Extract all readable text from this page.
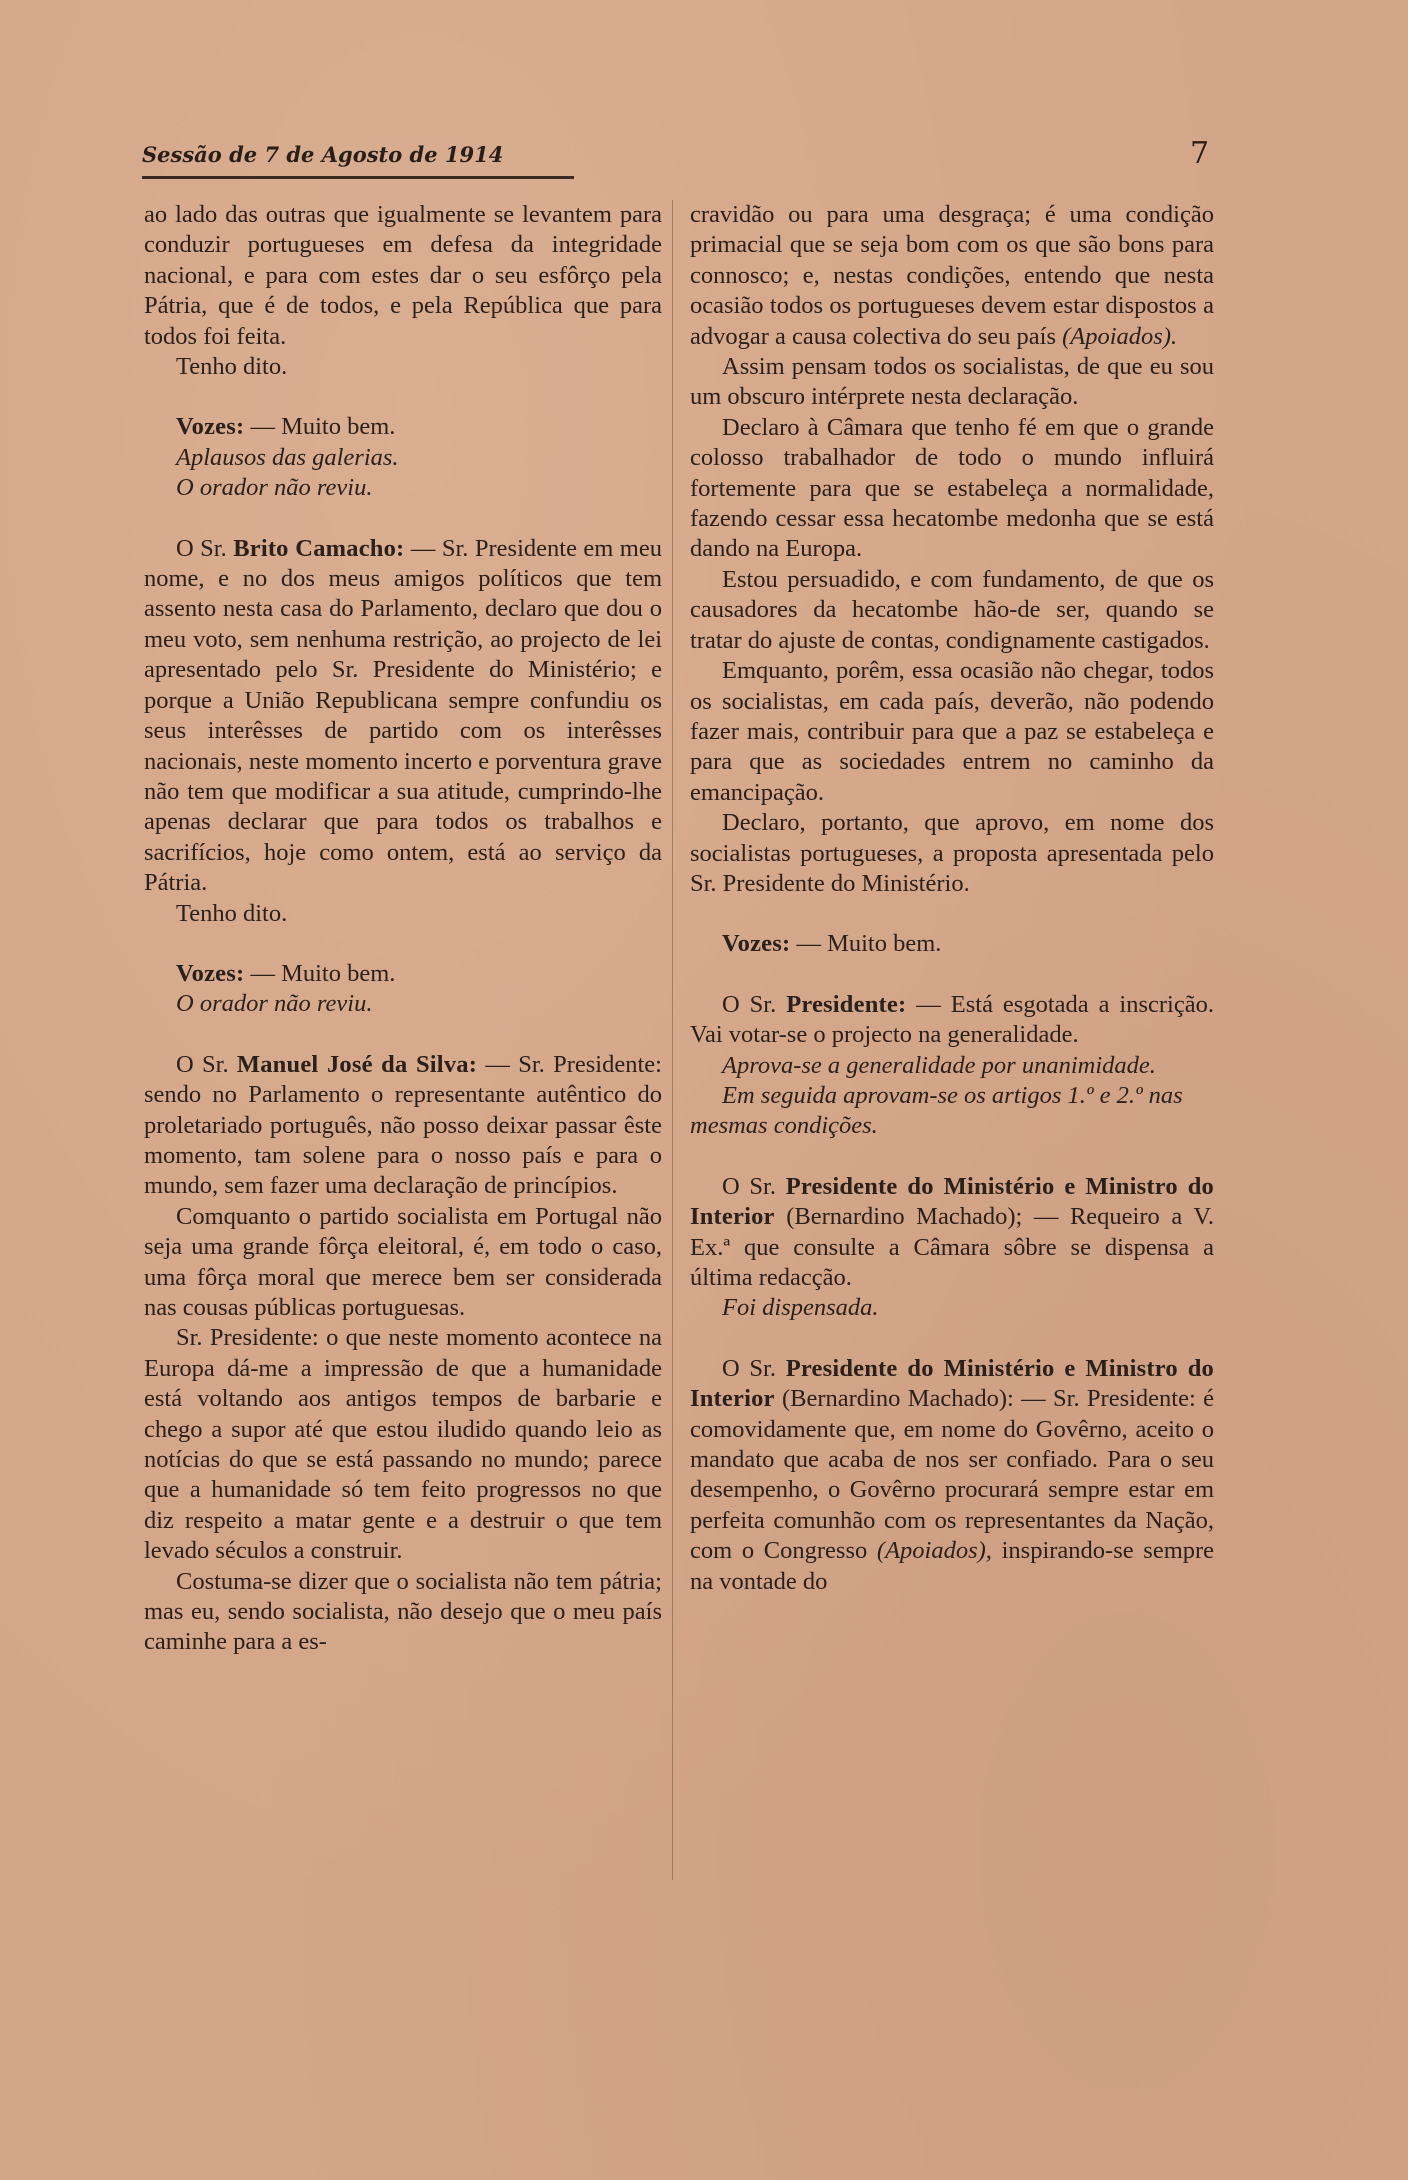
Sessão de 7 de Agosto de 1914	7

ao lado das outras que igualmente se levantem para conduzir portugueses em defesa da integridade nacional, e para com estes dar o seu esfôrço pela Pátria, que é de todos, e pela República que para todos foi feita.

Tenho dito.

Vozes: — Muito bem.

Aplausos das galerias.

O orador não reviu.

O Sr. Brito Camacho: — Sr. Presidente em meu nome, e no dos meus amigos políticos que tem assento nesta casa do Parlamento, declaro que dou o meu voto, sem nenhuma restrição, ao projecto de lei apresentado pelo Sr. Presidente do Ministério; e porque a União Republicana sempre confundiu os seus interêsses de partido com os interêsses nacionais, neste momento incerto e porventura grave não tem que modificar a sua atitude, cumprindo-lhe apenas declarar que para todos os trabalhos e sacrifícios, hoje como ontem, está ao serviço da Pátria.

Tenho dito.

Vozes: — Muito bem.

O orador não reviu.

O Sr. Manuel José da Silva: — Sr. Presidente: sendo no Parlamento o representante autêntico do proletariado português, não posso deixar passar êste momento, tam solene para o nosso país e para o mundo, sem fazer uma declaração de princípios.

Comquanto o partido socialista em Portugal não seja uma grande fôrça eleitoral, é, em todo o caso, uma fôrça moral que merece bem ser considerada nas cousas públicas portuguesas.

Sr. Presidente: o que neste momento acontece na Europa dá-me a impressão de que a humanidade está voltando aos antigos tempos de barbarie e chego a supor até que estou iludido quando leio as notícias do que se está passando no mundo; parece que a humanidade só tem feito progressos no que diz respeito a matar gente e a destruir o que tem levado séculos a construir.

Costuma-se dizer que o socialista não tem pátria; mas eu, sendo socialista, não desejo que o meu país caminhe para a es-

cravidão ou para uma desgraça; é uma condição primacial que se seja bom com os que são bons para connosco; e, nestas condições, entendo que nesta ocasião todos os portugueses devem estar dispostos a advogar a causa colectiva do seu país (Apoiados).

Assim pensam todos os socialistas, de que eu sou um obscuro intérprete nesta declaração.

Declaro à Câmara que tenho fé em que o grande colosso trabalhador de todo o mundo influirá fortemente para que se estabeleça a normalidade, fazendo cessar essa hecatombe medonha que se está dando na Europa.

Estou persuadido, e com fundamento, de que os causadores da hecatombe hão-de ser, quando se tratar do ajuste de contas, condignamente castigados.

Emquanto, porêm, essa ocasião não chegar, todos os socialistas, em cada país, deverão, não podendo fazer mais, contribuir para que a paz se estabeleça e para que as sociedades entrem no caminho da emancipação.

Declaro, portanto, que aprovo, em nome dos socialistas portugueses, a proposta apresentada pelo Sr. Presidente do Ministério.

Vozes: — Muito bem.

O Sr. Presidente: — Está esgotada a inscrição. Vai votar-se o projecto na generalidade.

Aprova-se a generalidade por unanimidade.

Em seguida aprovam-se os artigos 1.º e 2.º nas mesmas condições.

O Sr. Presidente do Ministério e Ministro do Interior (Bernardino Machado); — Requeiro a V. Ex.ª que consulte a Câmara sôbre se dispensa a última redacção.

Foi dispensada.

O Sr. Presidente do Ministério e Ministro do Interior (Bernardino Machado): — Sr. Presidente: é comovidamente que, em nome do Govêrno, aceito o mandato que acaba de nos ser confiado. Para o seu desempenho, o Govêrno procurará sempre estar em perfeita comunhão com os representantes da Nação, com o Congresso (Apoiados), inspirando-se sempre na vontade do
